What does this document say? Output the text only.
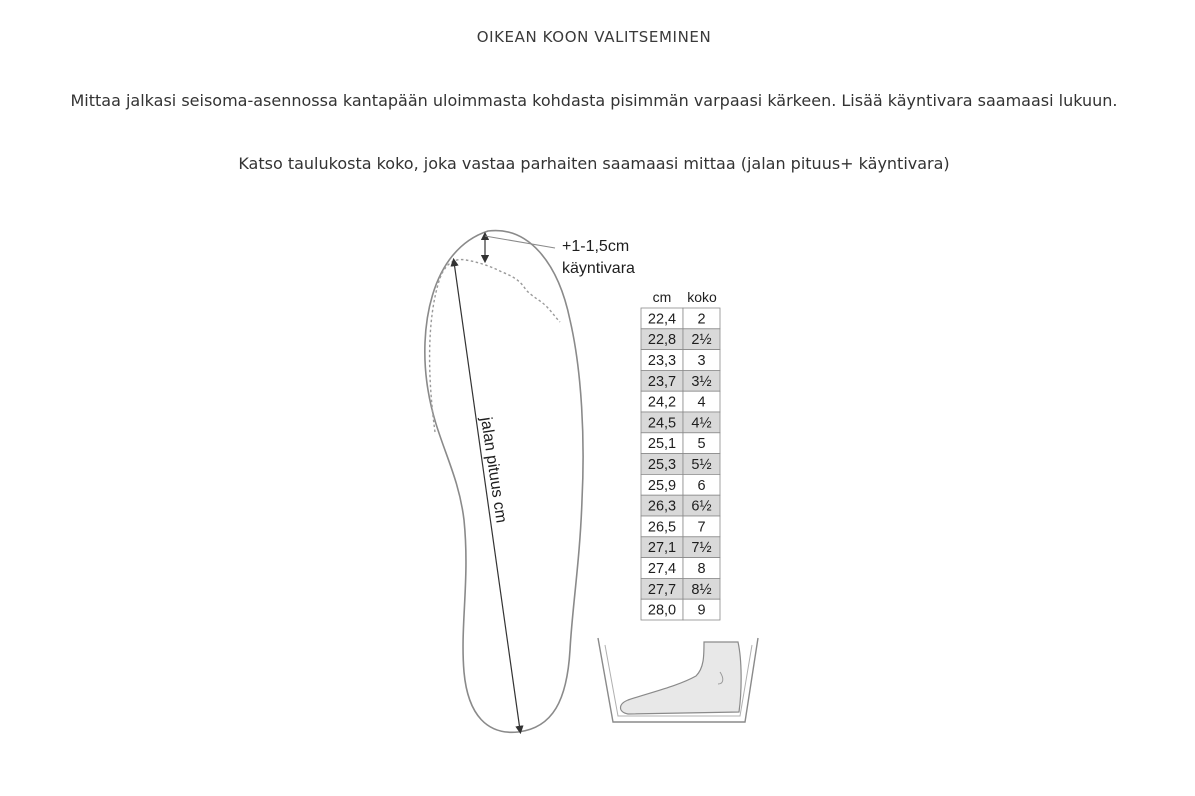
OIKEAN KOON VALITSEMINEN
Mittaa jalkasi seisoma-asennossa kantapään uloimmasta kohdasta pisimmän varpaasi kärkeen. Lisää käyntivara saamaasi lukuun.
Katso taulukosta koko, joka vastaa parhaiten saamaasi mittaa (jalan pituus+ käyntivara)
+1-1,5cm
käyntivara
jalan pituus cm
cm koko
22,4 2
22,8 2½
23,3 3
23,7 3½
24,2 4
24,5 4½
25,1 5
25,3 5½
25,9 6
26,3 6½
26,5 7
27,1 7½
27,4 8
27,7 8½
28,0 9
